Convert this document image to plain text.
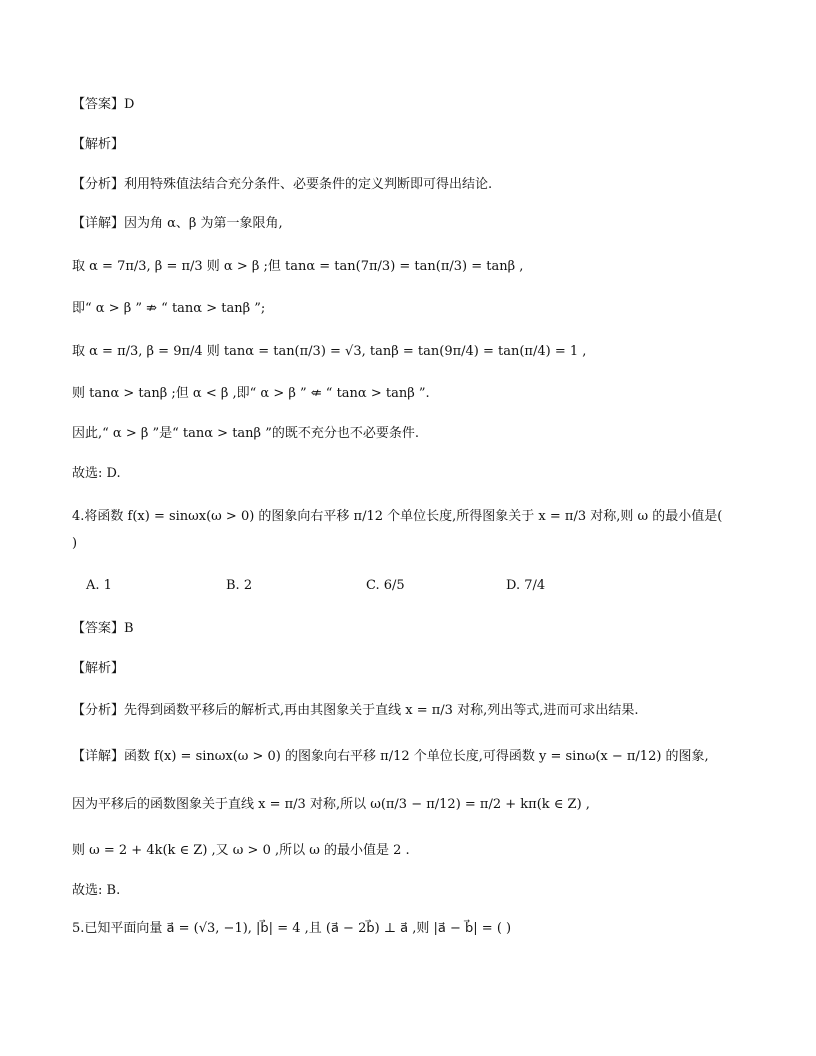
【答案】D
【解析】
【分析】利用特殊值法结合充分条件、必要条件的定义判断即可得出结论.
【详解】因为角 α、β 为第一象限角,
取 α = 7π/3, β = π/3 则 α > β ;但 tanα = tan(7π/3) = tan(π/3) = tanβ ,
即“ α > β ” ⇏ “ tanα > tanβ ”;
取 α = π/3, β = 9π/4 则 tanα = tan(π/3) = √3, tanβ = tan(9π/4) = tan(π/4) = 1 ,
则 tanα > tanβ ;但 α < β ,即“ α > β ” ⇍ “ tanα > tanβ ”.
因此,“ α > β ”是“ tanα > tanβ ”的既不充分也不必要条件.
故选: D.
4.将函数 f(x) = sinωx(ω > 0) 的图象向右平移 π/12 个单位长度,所得图象关于 x = π/3 对称,则 ω 的最小值是(
)
A. 1	B. 2	C. 6/5	D. 7/4
【答案】B
【解析】
【分析】先得到函数平移后的解析式,再由其图象关于直线 x = π/3 对称,列出等式,进而可求出结果.
【详解】函数 f(x) = sinωx(ω > 0) 的图象向右平移 π/12 个单位长度,可得函数 y = sinω(x − π/12) 的图象,
因为平移后的函数图象关于直线 x = π/3 对称,所以 ω(π/3 − π/12) = π/2 + kπ(k ∈ Z) ,
则 ω = 2 + 4k(k ∈ Z) ,又 ω > 0 ,所以 ω 的最小值是 2 .
故选: B.
5.已知平面向量 a⃗ = (√3, −1), |b⃗| = 4 ,且 (a⃗ − 2b⃗) ⊥ a⃗ ,则 |a⃗ − b⃗| = ( )
